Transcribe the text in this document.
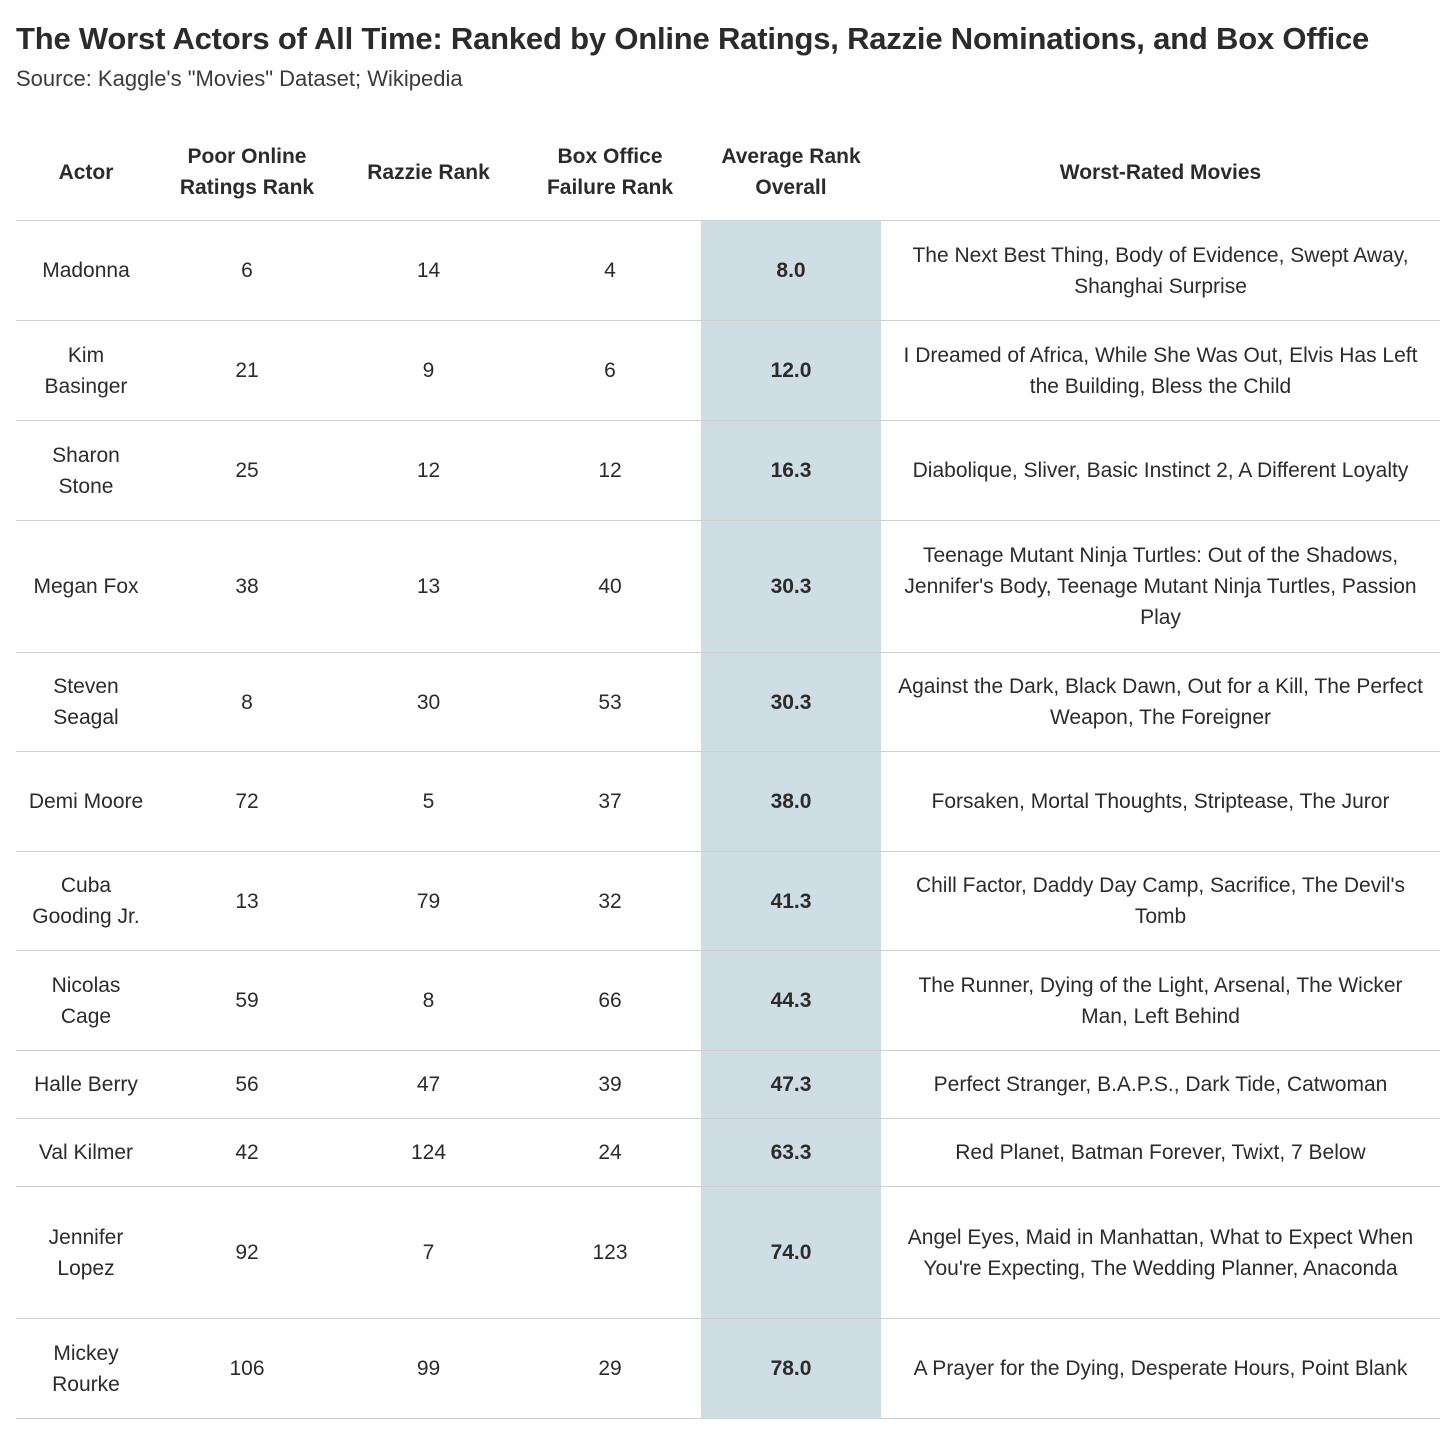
The Worst Actors of All Time: Ranked by Online Ratings, Razzie Nominations, and Box Office
Source: Kaggle's "Movies" Dataset; Wikipedia
Actor	Poor Online Ratings Rank	Razzie Rank	Box Office Failure Rank	Average Rank Overall	Worst-Rated Movies
Madonna	6	14	4	8.0	The Next Best Thing, Body of Evidence, Swept Away, Shanghai Surprise
Kim Basinger	21	9	6	12.0	I Dreamed of Africa, While She Was Out, Elvis Has Left the Building, Bless the Child
Sharon Stone	25	12	12	16.3	Diabolique, Sliver, Basic Instinct 2, A Different Loyalty
Megan Fox	38	13	40	30.3	Teenage Mutant Ninja Turtles: Out of the Shadows, Jennifer's Body, Teenage Mutant Ninja Turtles, Passion Play
Steven Seagal	8	30	53	30.3	Against the Dark, Black Dawn, Out for a Kill, The Perfect Weapon, The Foreigner
Demi Moore	72	5	37	38.0	Forsaken, Mortal Thoughts, Striptease, The Juror
Cuba Gooding Jr.	13	79	32	41.3	Chill Factor, Daddy Day Camp, Sacrifice, The Devil's Tomb
Nicolas Cage	59	8	66	44.3	The Runner, Dying of the Light, Arsenal, The Wicker Man, Left Behind
Halle Berry	56	47	39	47.3	Perfect Stranger, B.A.P.S., Dark Tide, Catwoman
Val Kilmer	42	124	24	63.3	Red Planet, Batman Forever, Twixt, 7 Below
Jennifer Lopez	92	7	123	74.0	Angel Eyes, Maid in Manhattan, What to Expect When You're Expecting, The Wedding Planner, Anaconda
Mickey Rourke	106	99	29	78.0	A Prayer for the Dying, Desperate Hours, Point Blank
